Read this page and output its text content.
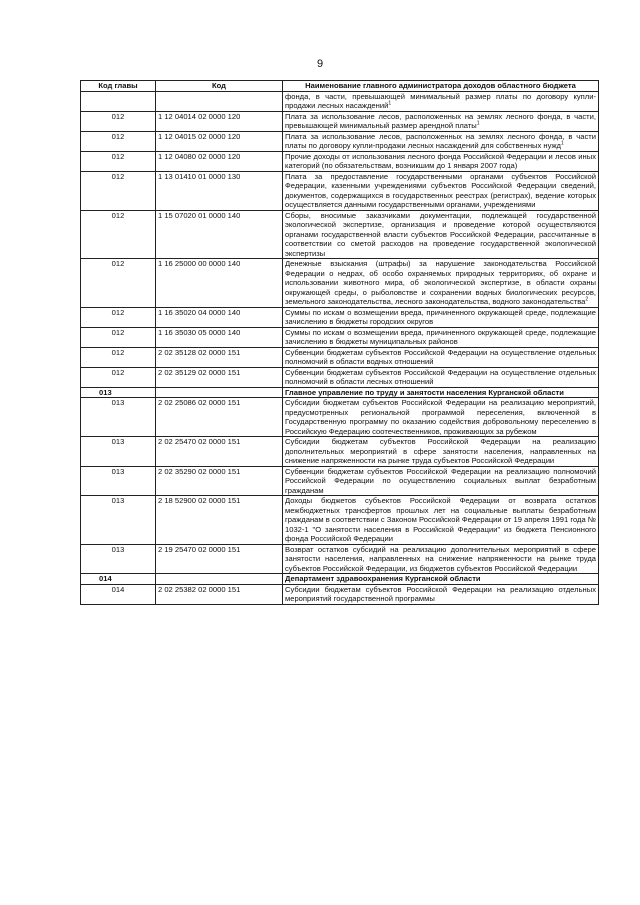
9
Код главы	Код	Наименование главного администратора доходов областного бюджета
		фонда, в части, превышающей минимальный размер платы по договору купли-продажи лесных насаждений$^1$
012	1 12 04014 02 0000 120	Плата за использование лесов, расположенных на землях лесного фонда, в части, превышающей минимальный размер арендной платы$^1$
012	1 12 04015 02 0000 120	Плата за использование лесов, расположенных на землях лесного фонда, в части платы по договору купли-продажи лесных насаждений для собственных нужд$^1$
012	1 12 04080 02 0000 120	Прочие доходы от использования лесного фонда Российской Федерации и лесов иных категорий (по обязательствам, возникшим до 1 января 2007 года)
012	1 13 01410 01 0000 130	Плата за предоставление государственными органами субъектов Российской Федерации, казенными учреждениями субъектов Российской Федерации сведений, документов, содержащихся в государственных реестрах (регистрах), ведение которых осуществляется данными государственными органами, учреждениями
012	1 15 07020 01 0000 140	Сборы, вносимые заказчиками документации, подлежащей государственной экологической экспертизе, организация и проведение которой осуществляются органами государственной власти субъектов Российской Федерации, рассчитанные в соответствии со сметой расходов на проведение государственной экологической экспертизы
012	1 16 25000 00 0000 140	Денежные взыскания (штрафы) за нарушение законодательства Российской Федерации о недрах, об особо охраняемых природных территориях, об охране и использовании животного мира, об экологической экспертизе, в области охраны окружающей среды, о рыболовстве и сохранении водных биологических ресурсов, земельного законодательства, лесного законодательства, водного законодательства$^2$
012	1 16 35020 04 0000 140	Суммы по искам о возмещении вреда, причиненного окружающей среде, подлежащие зачислению в бюджеты городских округов
012	1 16 35030 05 0000 140	Суммы по искам о возмещении вреда, причиненного окружающей среде, подлежащие зачислению в бюджеты муниципальных районов
012	2 02 35128 02 0000 151	Субвенции бюджетам субъектов Российской Федерации на осуществление отдельных полномочий в области водных отношений
012	2 02 35129 02 0000 151	Субвенции бюджетам субъектов Российской Федерации на осуществление отдельных полномочий в области лесных отношений
013		Главное управление по труду и занятости населения Курганской области
013	2 02 25086 02 0000 151	Субсидии бюджетам субъектов Российской Федерации на реализацию мероприятий, предусмотренных региональной программой переселения, включенной в Государственную программу по оказанию содействия добровольному переселению в Российскую Федерацию соотечественников, проживающих за рубежом
013	2 02 25470 02 0000 151	Субсидии бюджетам субъектов Российской Федерации на реализацию дополнительных мероприятий в сфере занятости населения, направленных на снижение напряженности на рынке труда субъектов Российской Федерации
013	2 02 35290 02 0000 151	Субвенции бюджетам субъектов Российской Федерации на реализацию полномочий Российской Федерации по осуществлению социальных выплат безработным гражданам
013	2 18 52900 02 0000 151	Доходы бюджетов субъектов Российской Федерации от возврата остатков межбюджетных трансфертов прошлых лет на социальные выплаты безработным гражданам в соответствии с Законом Российской Федерации от 19 апреля 1991 года № 1032-1 "О занятости населения в Российской Федерации" из бюджета Пенсионного фонда Российской Федерации
013	2 19 25470 02 0000 151	Возврат остатков субсидий на реализацию дополнительных мероприятий в сфере занятости населения, направленных на снижение напряженности на рынке труда субъектов Российской Федерации, из бюджетов субъектов Российской Федерации
014		Департамент здравоохранения Курганской области
014	2 02 25382 02 0000 151	Субсидии бюджетам субъектов Российской Федерации на реализацию отдельных мероприятий государственной программы
